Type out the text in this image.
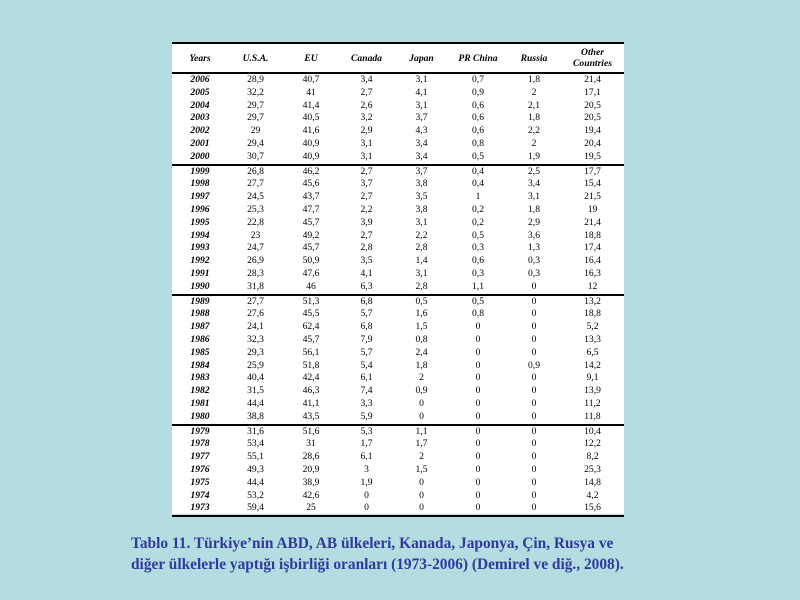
Years	U.S.A.	EU	Canada	Japan	PR China	Russia	Other Countries
2006	28,9	40,7	3,4	3,1	0,7	1,8	21,4
2005	32,2	41	2,7	4,1	0,9	2	17,1
2004	29,7	41,4	2,6	3,1	0,6	2,1	20,5
2003	29,7	40,5	3,2	3,7	0,6	1,8	20,5
2002	29	41,6	2,9	4,3	0,6	2,2	19,4
2001	29,4	40,9	3,1	3,4	0,8	2	20,4
2000	30,7	40,9	3,1	3,4	0,5	1,9	19,5
1999	26,8	46,2	2,7	3,7	0,4	2,5	17,7
1998	27,7	45,6	3,7	3,8	0,4	3,4	15,4
1997	24,5	43,7	2,7	3,5	1	3,1	21,5
1996	25,3	47,7	2,2	3,8	0,2	1,8	19
1995	22,8	45,7	3,9	3,1	0,2	2,9	21,4
1994	23	49,2	2,7	2,2	0,5	3,6	18,8
1993	24,7	45,7	2,8	2,8	0,3	1,3	17,4
1992	26,9	50,9	3,5	1,4	0,6	0,3	16,4
1991	28,3	47,6	4,1	3,1	0,3	0,3	16,3
1990	31,8	46	6,3	2,8	1,1	0	12
1989	27,7	51,3	6,8	0,5	0,5	0	13,2
1988	27,6	45,5	5,7	1,6	0,8	0	18,8
1987	24,1	62,4	6,8	1,5	0	0	5,2
1986	32,3	45,7	7,9	0,8	0	0	13,3
1985	29,3	56,1	5,7	2,4	0	0	6,5
1984	25,9	51,8	5,4	1,8	0	0,9	14,2
1983	40,4	42,4	6,1	2	0	0	9,1
1982	31,5	46,3	7,4	0,9	0	0	13,9
1981	44,4	41,1	3,3	0	0	0	11,2
1980	38,8	43,5	5,9	0	0	0	11,8
1979	31,6	51,6	5,3	1,1	0	0	10,4
1978	53,4	31	1,7	1,7	0	0	12,2
1977	55,1	28,6	6,1	2	0	0	8,2
1976	49,3	20,9	3	1,5	0	0	25,3
1975	44,4	38,9	1,9	0	0	0	14,8
1974	53,2	42,6	0	0	0	0	4,2
1973	59,4	25	0	0	0	0	15,6
Tablo 11. Türkiye’nin ABD, AB ülkeleri, Kanada, Japonya, Çin, Rusya ve
diğer ülkelerle yaptığı işbirliği oranları (1973-2006) (Demirel ve diğ., 2008).
